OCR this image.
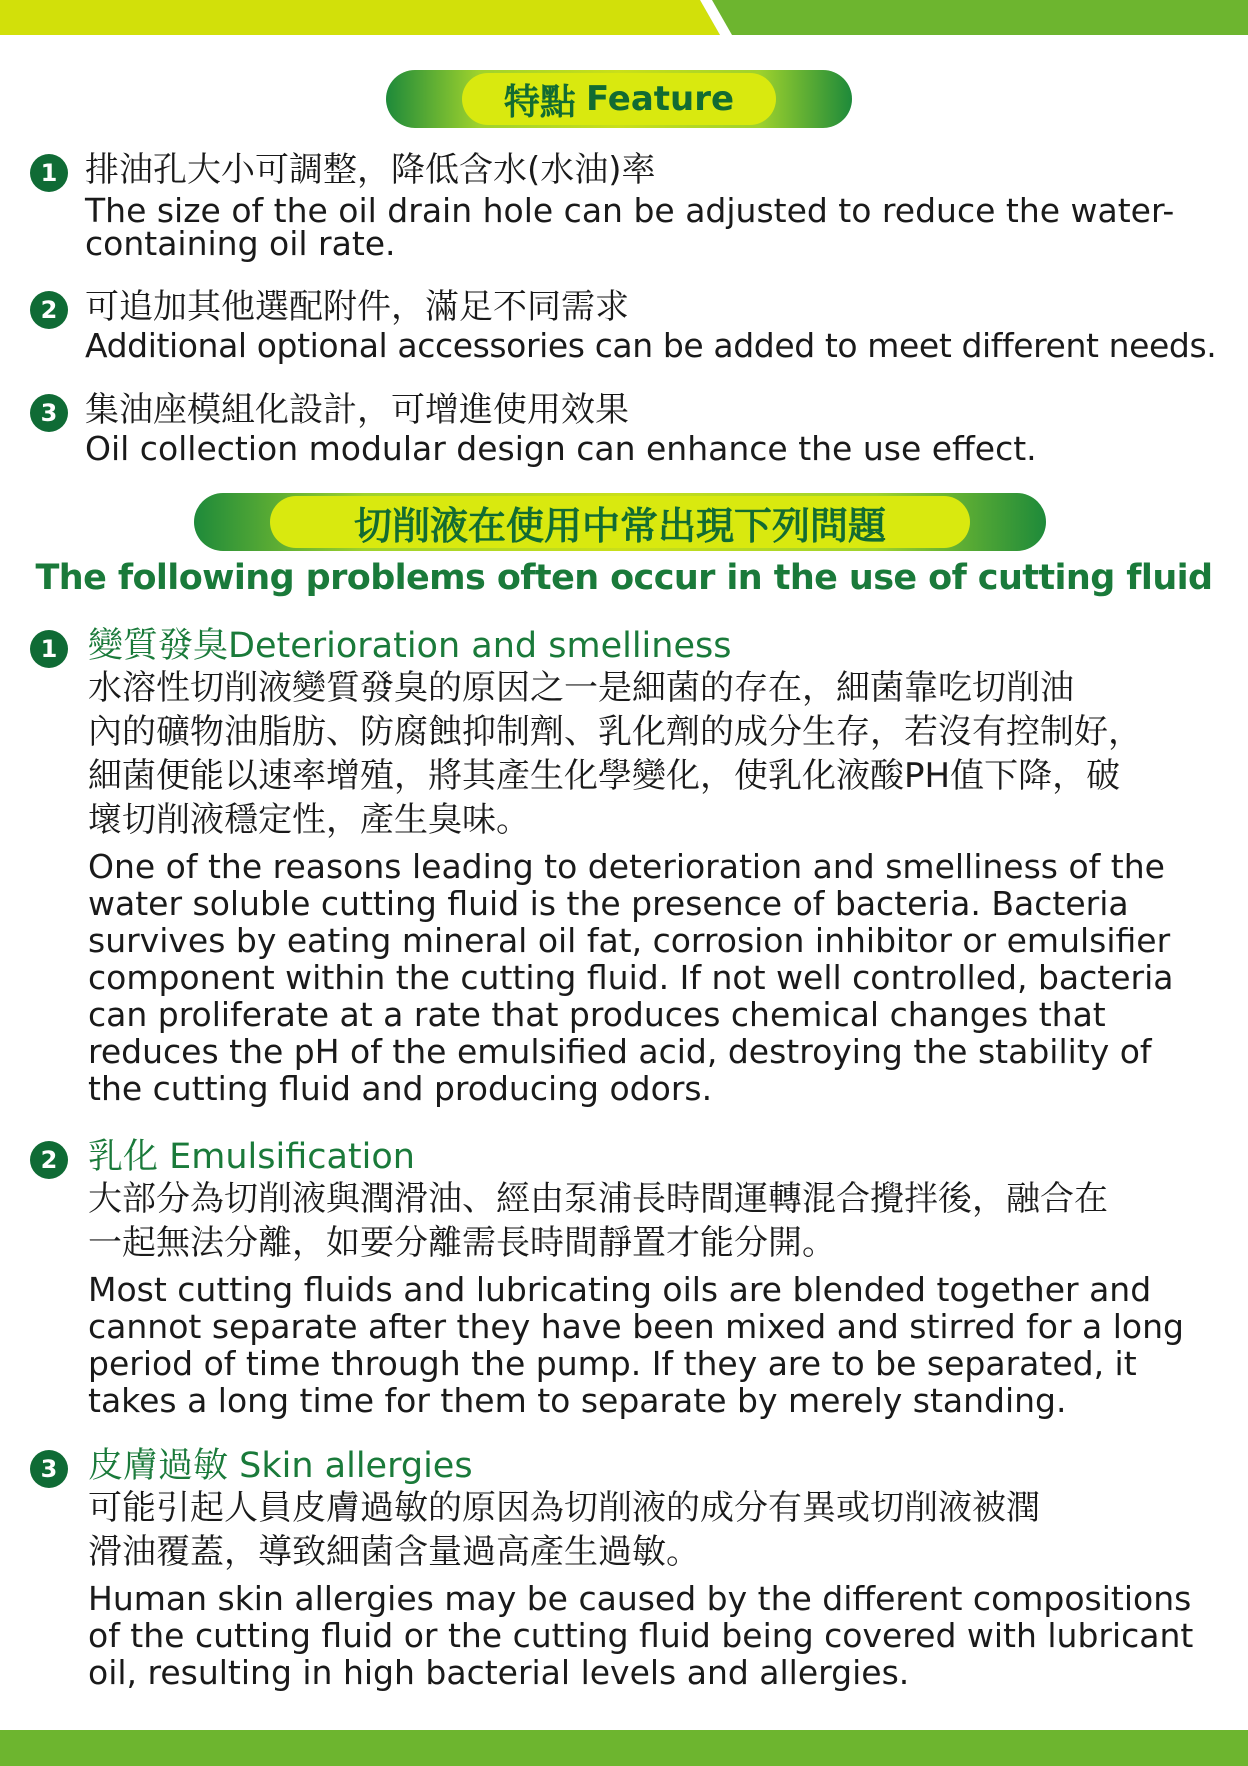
特點 Feature
1 排油孔大小可調整，降低含水(水油)率
The size of the oil drain hole can be adjusted to reduce the water-
containing oil rate.
2 可追加其他選配附件，滿足不同需求
Additional optional accessories can be added to meet different needs.
3 集油座模組化設計，可增進使用效果
Oil collection modular design can enhance the use effect.
切削液在使用中常出現下列問題
The following problems often occur in the use of cutting fluid
1 變質發臭Deterioration and smelliness
水溶性切削液變質發臭的原因之一是細菌的存在，細菌靠吃切削油
內的礦物油脂肪、防腐蝕抑制劑、乳化劑的成分生存，若沒有控制好，
細菌便能以速率增殖，將其產生化學變化，使乳化液酸PH值下降，破
壞切削液穩定性，產生臭味。
One of the reasons leading to deterioration and smelliness of the
water soluble cutting fluid is the presence of bacteria. Bacteria
survives by eating mineral oil fat, corrosion inhibitor or emulsifier
component within the cutting fluid. If not well controlled, bacteria
can proliferate at a rate that produces chemical changes that
reduces the pH of the emulsified acid, destroying the stability of
the cutting fluid and producing odors.
2 乳化 Emulsification
大部分為切削液與潤滑油、經由泵浦長時間運轉混合攪拌後，融合在
一起無法分離，如要分離需長時間靜置才能分開。
Most cutting fluids and lubricating oils are blended together and
cannot separate after they have been mixed and stirred for a long
period of time through the pump. If they are to be separated, it
takes a long time for them to separate by merely standing.
3 皮膚過敏 Skin allergies
可能引起人員皮膚過敏的原因為切削液的成分有異或切削液被潤
滑油覆蓋，導致細菌含量過高產生過敏。
Human skin allergies may be caused by the different compositions
of the cutting fluid or the cutting fluid being covered with lubricant
oil, resulting in high bacterial levels and allergies.
